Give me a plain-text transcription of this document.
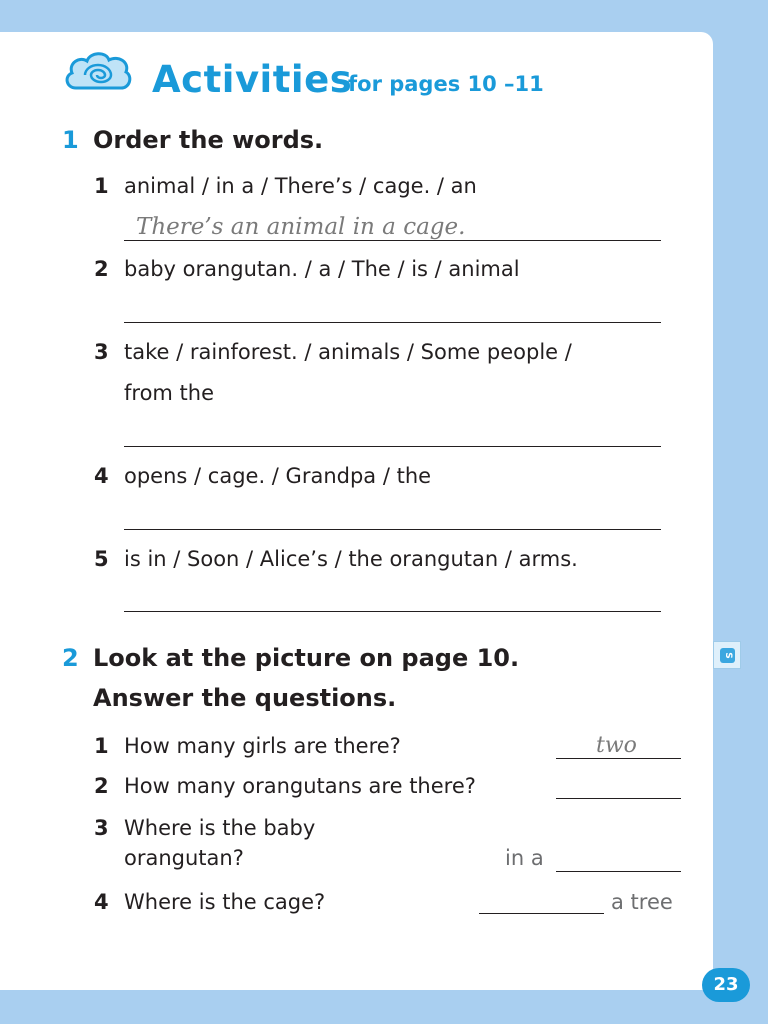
Activities
for pages 10 –11
1 Order the words.
1 animal / in a / There’s / cage. / an
There’s an animal in a cage.
2 baby orangutan. / a / The / is / animal
3 take / rainforest. / animals / Some people /
from the
4 opens / cage. / Grandpa / the
5 is in / Soon / Alice’s / the orangutan / arms.
2 Look at the picture on page 10.
Answer the questions.
1 How many girls are there?	two
2 How many orangutans are there?
3 Where is the baby
orangutan?	in a
4 Where is the cage?	a tree
S
23
